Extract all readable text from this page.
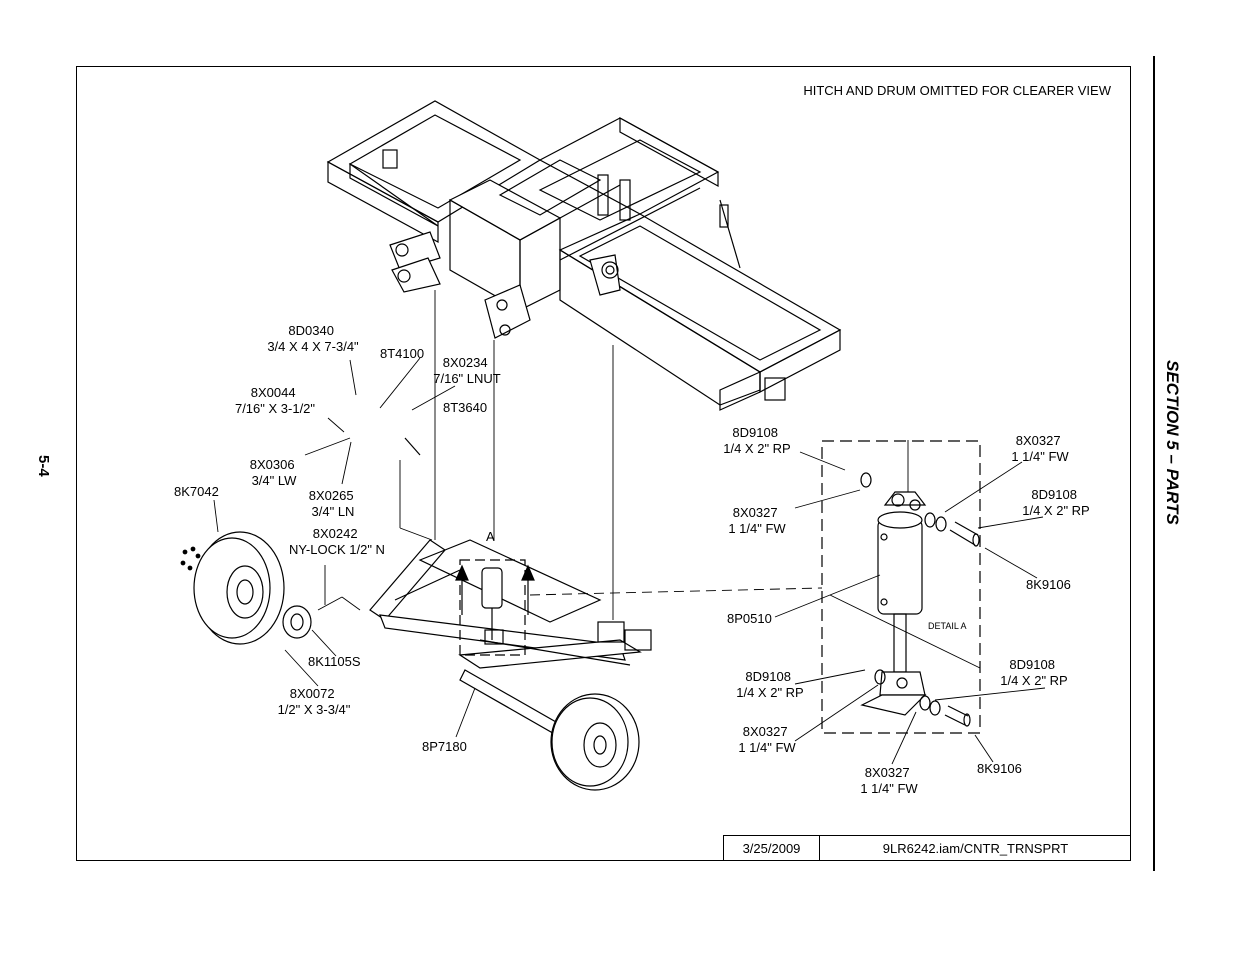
5-4	SECTION 5 – PARTS
HITCH AND DRUM OMITTED FOR CLEARER VIEW
A
DETAIL A
8D0340 3/4 X 4 X 7-3/4" 8T4100
8X0234 7/16" LNUT
8T3640
8X0044 7/16" X 3-1/2"
8X0306 3/4" LW
8X0265 3/4" LN
8K7042
8X0242 NY-LOCK 1/2" N
8K1105S
8X0072 1/2" X 3-3/4"
8P7180
8D9108 1/4 X 2" RP
8X0327 1 1/4" FW
8X0327 1 1/4" FW
8D9108 1/4 X 2" RP
8K9106
8P0510
8D9108 1/4 X 2" RP
8D9108 1/4 X 2" RP
8X0327 1 1/4" FW
8X0327 1 1/4" FW
8K9106
3/25/2009	9LR6242.iam/CNTR_TRNSPRT
